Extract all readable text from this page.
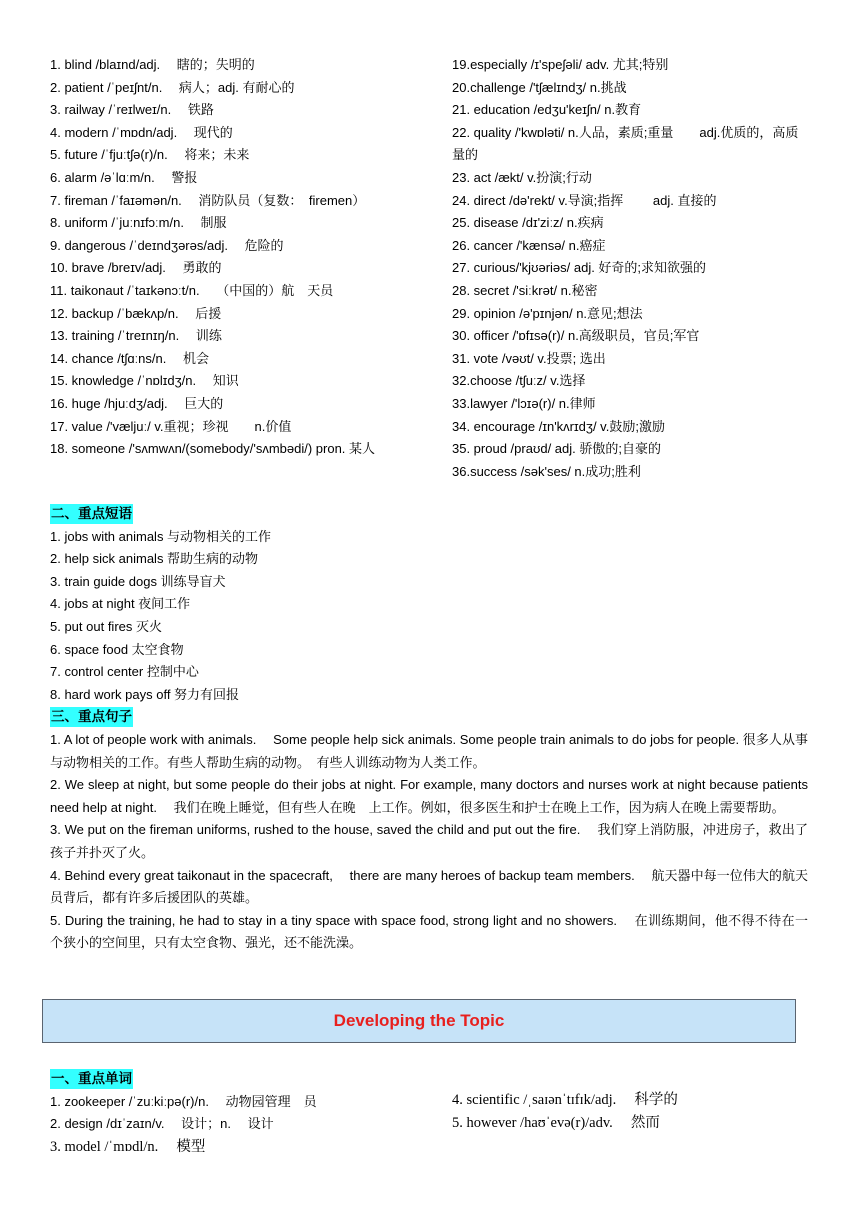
1. blind /blaɪnd/adj.　 瞎的；失明的
2. patient /ˈpeɪʃnt/n.　 病人；adj. 有耐心的
3. railway /ˈreɪlweɪ/n.　 铁路
4. modern /ˈmɒdn/adj.　 现代的
5. future /ˈfjuːtʃə(r)/n.　 将来；未来
6. alarm /əˈlɑːm/n.　 警报
7. fireman /ˈfaɪəmən/n.　 消防队员（复数：　firemen）
8. uniform /ˈjuːnɪfɔːm/n.　 制服
9. dangerous /ˈdeɪndʒərəs/adj.　 危险的
10. brave /breɪv/adj.　 勇敢的
11. taikonaut /ˈtaɪkənɔːt/n.　 （中国的）航　天员
12. backup /ˈbækʌp/n.　 后援
13. training /ˈtreɪnɪŋ/n.　 训练
14. chance /tʃɑːns/n.　 机会
15. knowledge /ˈnɒlɪdʒ/n.　 知识
16. huge /hjuːdʒ/adj.　 巨大的
17. value /'væljuː/ v.重视；珍视　　n.价值
18. someone /'sʌmwʌn/(somebody/'sʌmbədi/) pron. 某人
19.especially /ɪ'speʃəli/ adv. 尤其;特别
20.challenge /'tʃælɪndʒ/ n.挑战
21. education /edʒu'keɪʃn/ n.教育
22. quality /'kwɒləti/ n.人品，素质;重量　　adj.优质的，高质量的
23. act /ækt/ v.扮演;行动
24. direct /də'rekt/ v.导演;指挥　　 adj. 直接的
25. disease /dɪ'ziːz/ n.疾病
26. cancer /'kænsə/ n.癌症
27. curious/'kjʊəriəs/ adj. 好奇的;求知欲强的
28. secret /'siːkrət/ n.秘密
29. opinion /ə'pɪnjən/ n.意见;想法
30. officer /'ɒfɪsə(r)/ n.高级职员，官员;军官
31. vote /vəʊt/ v.投票; 选出
32.choose /tʃuːz/ v.选择
33.lawyer /'lɔɪə(r)/ n.律师
34. encourage /ɪn'kʌrɪdʒ/ v.鼓励;激励
35. proud /praʊd/ adj. 骄傲的;自豪的
36.success /sək'ses/ n.成功;胜利
二、重点短语
1. jobs with animals 与动物相关的工作
2. help sick animals 帮助生病的动物
3. train guide dogs 训练导盲犬
4. jobs at night 夜间工作
5. put out fires 灭火
6. space food 太空食物
7. control center 控制中心
8. hard work pays off 努力有回报
三、重点句子
1. A lot of people work with animals.　 Some people help sick animals. Some people train animals to do jobs for people. 很多人从事与动物相关的工作。有些人帮助生病的动物。　有些人训练动物为人类工作。
2. We sleep at night, but some people do their jobs at night. For example, many doctors and nurses work at night because patients need help at night.　 我们在晚上睡觉，但有些人在晚　上工作。例如，很多医生和护士在晚上工作，因为病人在晚上需要帮助。
3. We put on the fireman uniforms, rushed to the house, saved the child and put out the fire.　 我们穿上消防服，冲进房子，救出了孩子并扑灭了火。
4. Behind every great taikonaut in the spacecraft,　 there are many heroes of backup team members.　 航天器中每一位伟大的航天员背后，都有许多后援团队的英雄。
5. During the training, he had to stay in a tiny space with space food, strong light and no showers.　 在训练期间，他不得不待在一个狭小的空间里，只有太空食物、强光，还不能洗澡。
Developing the Topic
一、重点单词
1. zookeeper /ˈzuːkiːpə(r)/n.　 动物园管理　员
2. design /dɪˈzaɪn/v.　 设计；n.　 设计
3. model /ˈmɒdl/n.　 模型
4. scientific /ˌsaɪənˈtɪfɪk/adj.　 科学的
5. however /haʊˈevə(r)/adv.　 然而
